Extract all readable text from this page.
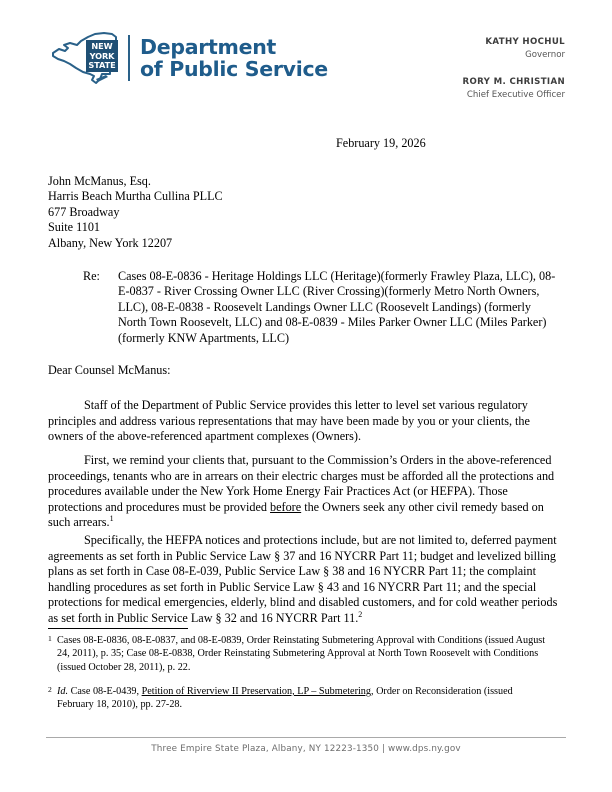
NEW
YORK
STATE
Department
of Public Service
KATHY HOCHUL
Governor
RORY M. CHRISTIAN
Chief Executive Officer
February 19, 2026
John McManus, Esq.
Harris Beach Murtha Cullina PLLC
677 Broadway
Suite 1101
Albany, New York 12207
Re:	Cases 08-E-0836 - Heritage Holdings LLC (Heritage)(formerly Frawley Plaza, LLC), 08-E-0837 - River Crossing Owner LLC (River Crossing)(formerly Metro North Owners, LLC), 08-E-0838 - Roosevelt Landings Owner LLC (Roosevelt Landings) (formerly North Town Roosevelt, LLC) and 08-E-0839 - Miles Parker Owner LLC (Miles Parker) (formerly KNW Apartments, LLC)
Dear Counsel McManus:

Staff of the Department of Public Service provides this letter to level set various regulatory principles and address various representations that may have been made by you or your clients, the owners of the above-referenced apartment complexes (Owners).

First, we remind your clients that, pursuant to the Commission’s Orders in the above-referenced proceedings, tenants who are in arrears on their electric charges must be afforded all the protections and procedures available under the New York Home Energy Fair Practices Act (or HEFPA). Those protections and procedures must be provided before the Owners seek any other civil remedy based on such arrears.$^1$

Specifically, the HEFPA notices and protections include, but are not limited to, deferred payment agreements as set forth in Public Service Law § 37 and 16 NYCRR Part 11; budget and levelized billing plans as set forth in Case 08-E-039, Public Service Law § 38 and 16 NYCRR Part 11; the complaint handling procedures as set forth in Public Service Law § 43 and 16 NYCRR Part 11; and the special protections for medical emergencies, elderly, blind and disabled customers, and for cold weather periods as set forth in Public Service Law § 32 and 16 NYCRR Part 11.$^2$

1 Cases 08-E-0836, 08-E-0837, and 08-E-0839, Order Reinstating Submetering Approval with Conditions (issued August 24, 2011), p. 35; Case 08-E-0838, Order Reinstating Submetering Approval at North Town Roosevelt with Conditions (issued October 28, 2011), p. 22.
2 Id. Case 08-E-0439, Petition of Riverview II Preservation, LP – Submetering, Order on Reconsideration (issued February 18, 2010), pp. 27-28.
Three Empire State Plaza, Albany, NY 12223-1350 | www.dps.ny.gov
